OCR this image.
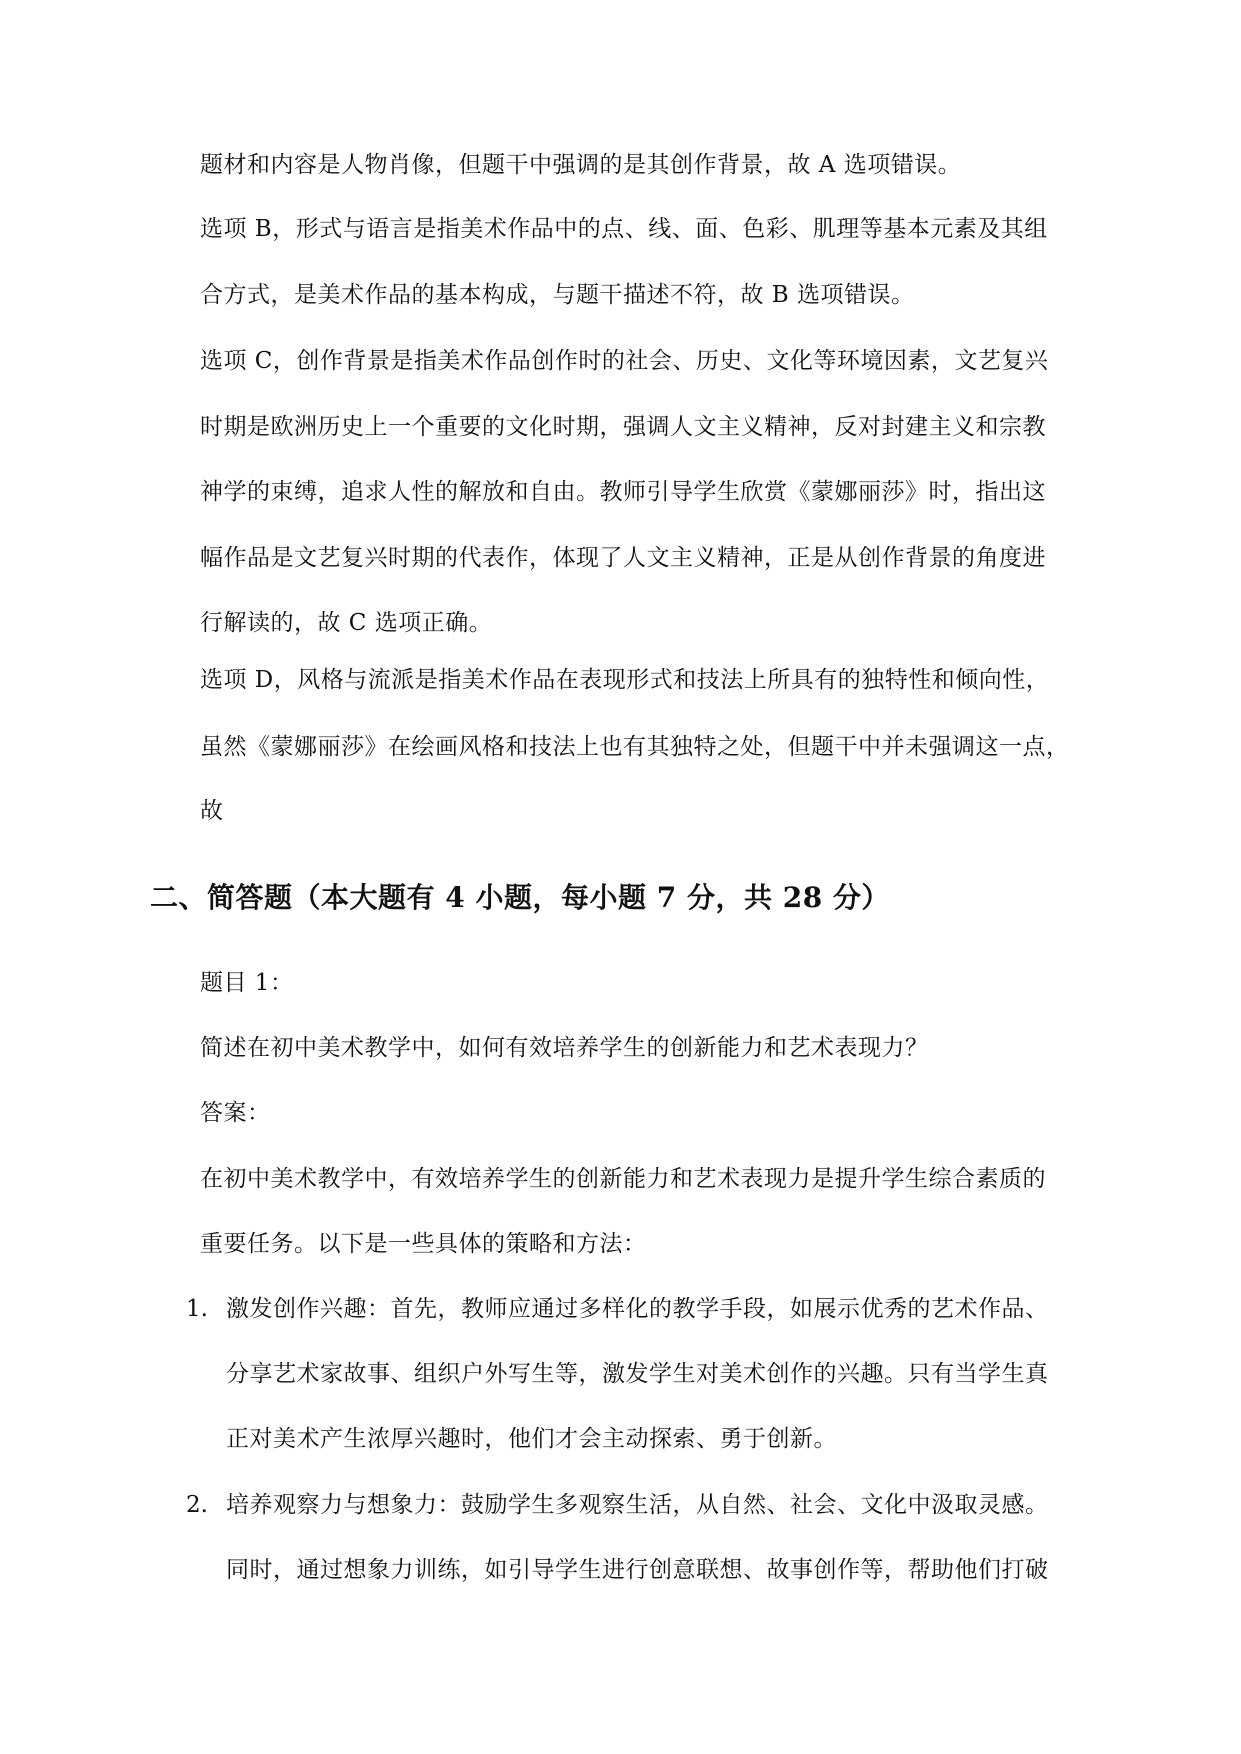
题材和内容是人物肖像，但题干中强调的是其创作背景，故 A 选项错误。
选项 B，形式与语言是指美术作品中的点、线、面、色彩、肌理等基本元素及其组
合方式，是美术作品的基本构成，与题干描述不符，故 B 选项错误。
选项 C，创作背景是指美术作品创作时的社会、历史、文化等环境因素，文艺复兴
时期是欧洲历史上一个重要的文化时期，强调人文主义精神，反对封建主义和宗教
神学的束缚，追求人性的解放和自由。教师引导学生欣赏《蒙娜丽莎》时，指出这
幅作品是文艺复兴时期的代表作，体现了人文主义精神，正是从创作背景的角度进
行解读的，故 C 选项正确。
选项 D，风格与流派是指美术作品在表现形式和技法上所具有的独特性和倾向性，
虽然《蒙娜丽莎》在绘画风格和技法上也有其独特之处，但题干中并未强调这一点，
故
二、简答题（本大题有 4 小题，每小题 7 分，共 28 分）
题目 1：
简述在初中美术教学中，如何有效培养学生的创新能力和艺术表现力？
答案：
在初中美术教学中，有效培养学生的创新能力和艺术表现力是提升学生综合素质的
重要任务。以下是一些具体的策略和方法：
1. 激发创作兴趣：首先，教师应通过多样化的教学手段，如展示优秀的艺术作品、
分享艺术家故事、组织户外写生等，激发学生对美术创作的兴趣。只有当学生真
正对美术产生浓厚兴趣时，他们才会主动探索、勇于创新。
2. 培养观察力与想象力：鼓励学生多观察生活，从自然、社会、文化中汲取灵感。
同时，通过想象力训练，如引导学生进行创意联想、故事创作等，帮助他们打破
